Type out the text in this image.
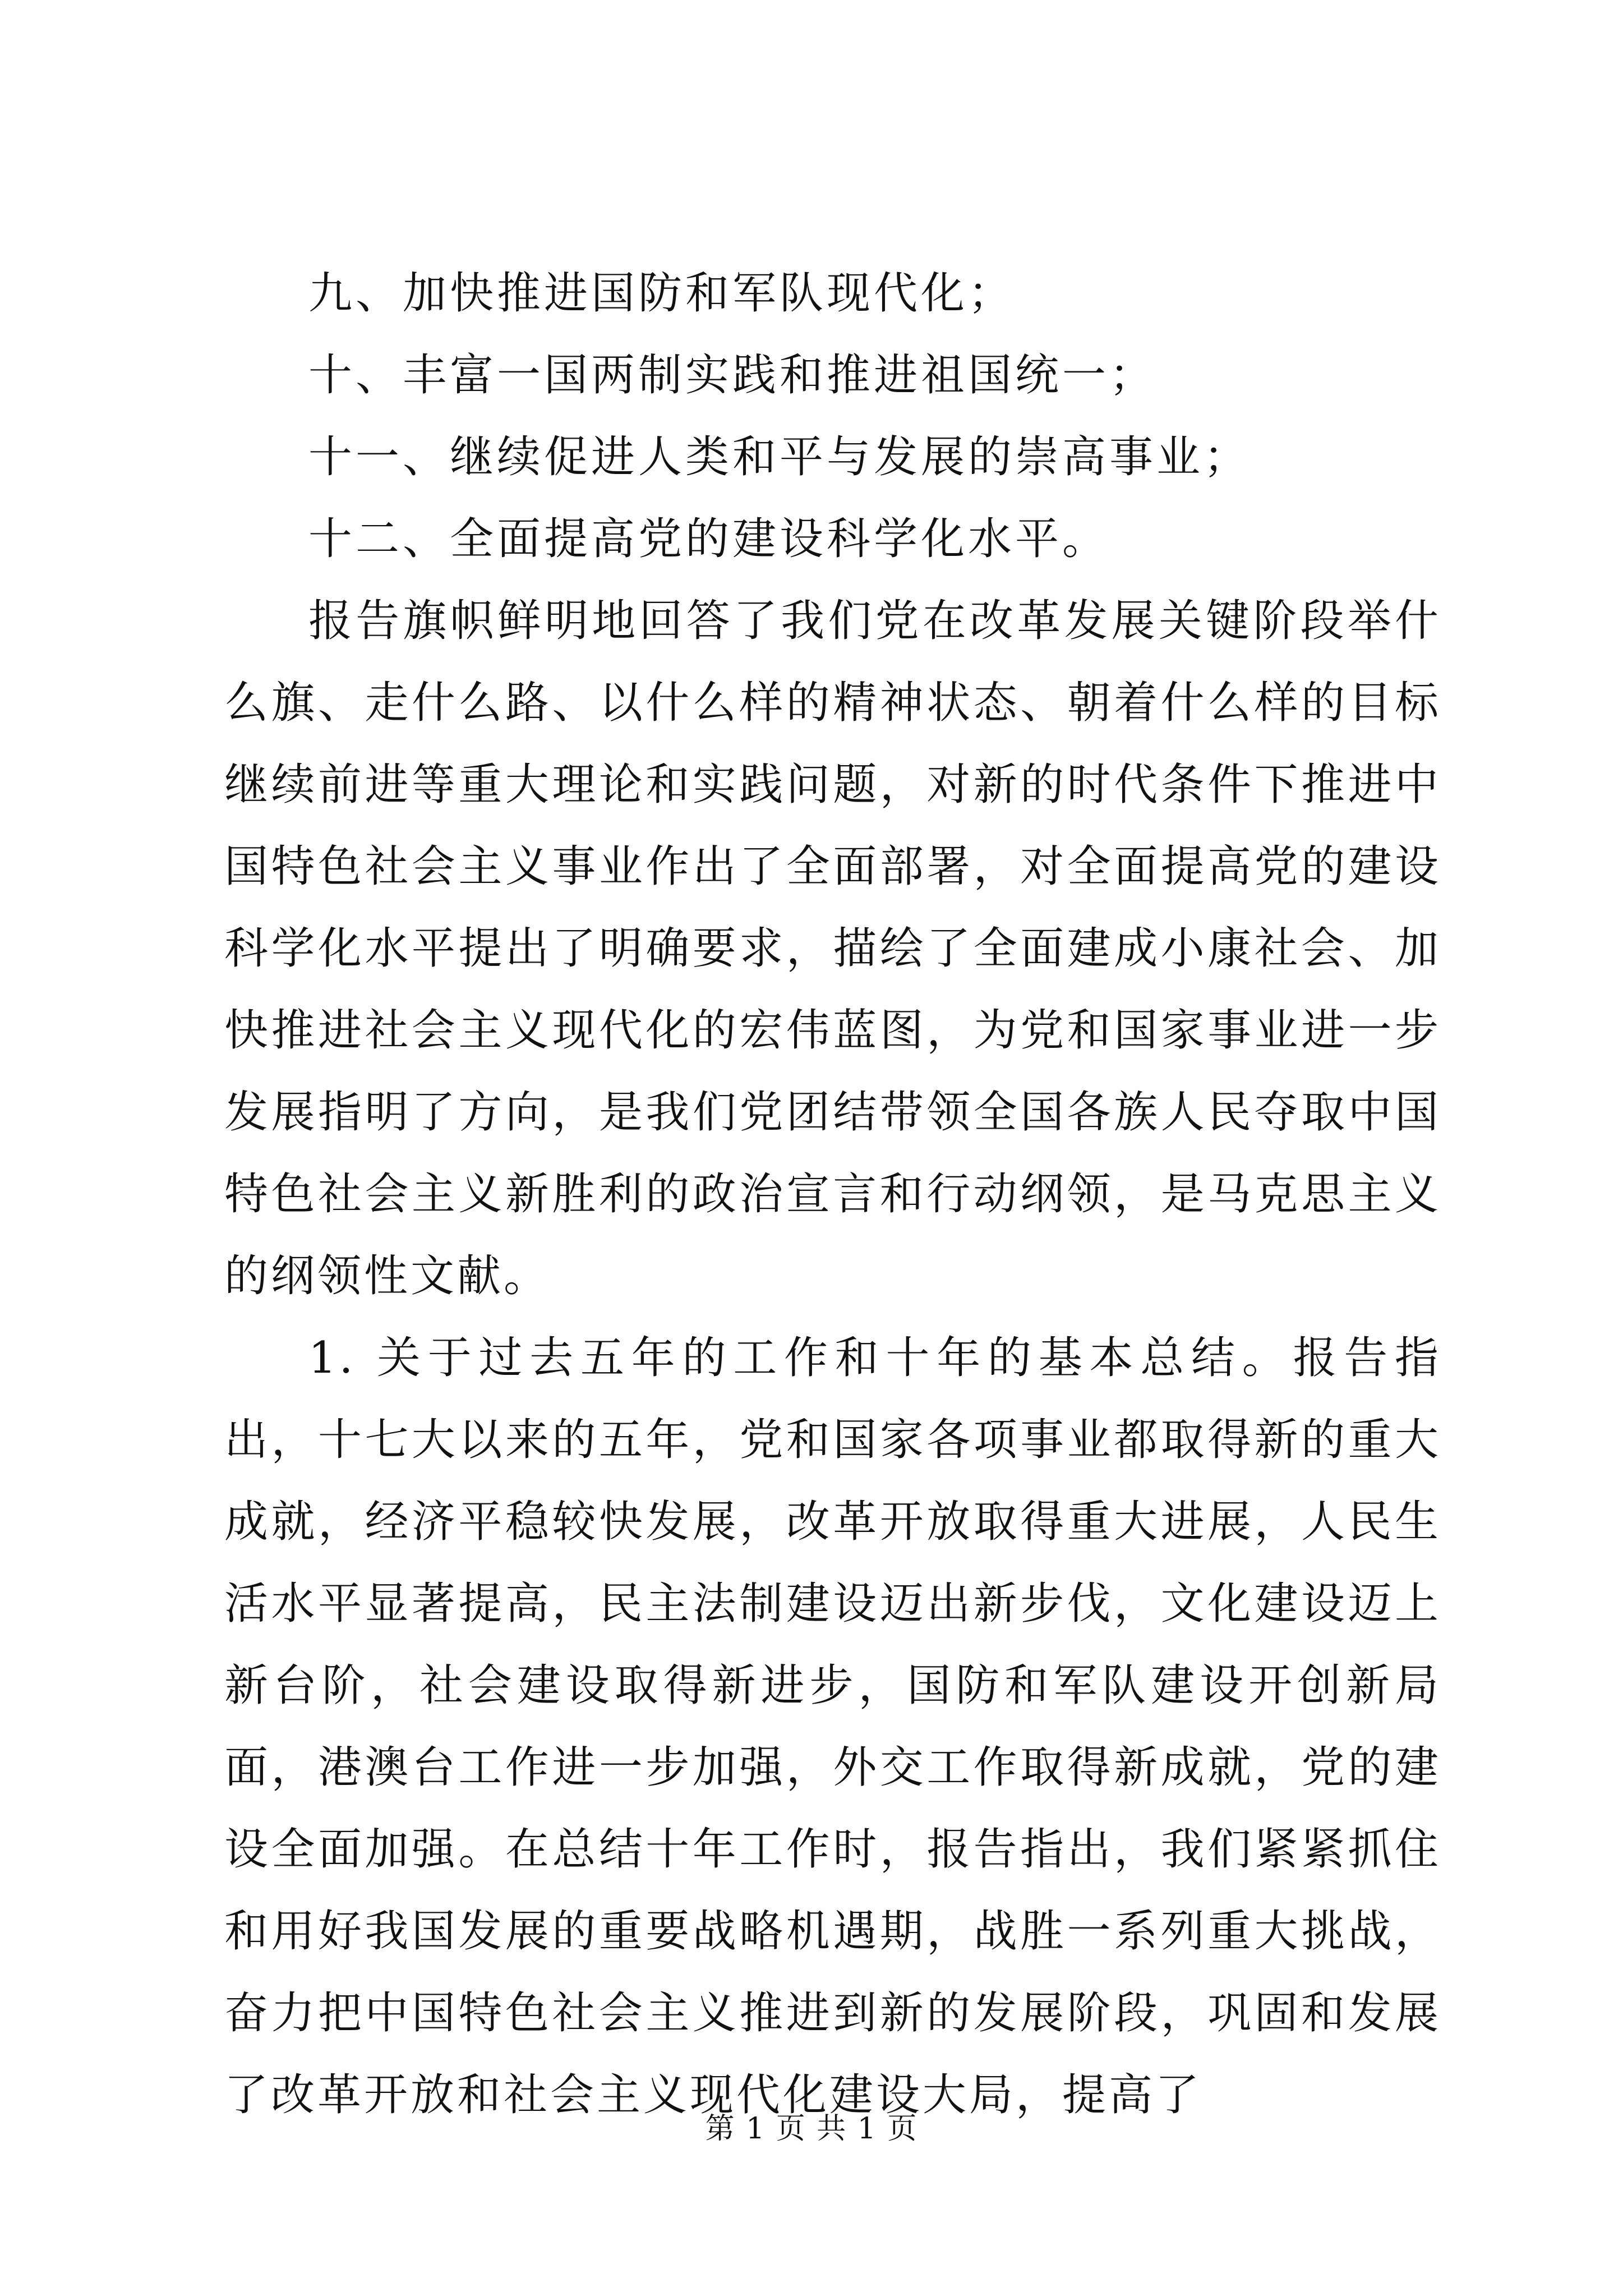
九、加快推进国防和军队现代化；

十、丰富一国两制实践和推进祖国统一；

十一、继续促进人类和平与发展的崇高事业；

十二、全面提高党的建设科学化水平。

报告旗帜鲜明地回答了我们党在改革发展关键阶段举什么旗、走什么路、以什么样的精神状态、朝着什么样的目标继续前进等重大理论和实践问题，对新的时代条件下推进中国特色社会主义事业作出了全面部署，对全面提高党的建设科学化水平提出了明确要求，描绘了全面建成小康社会、加快推进社会主义现代化的宏伟蓝图，为党和国家事业进一步发展指明了方向，是我们党团结带领全国各族人民夺取中国特色社会主义新胜利的政治宣言和行动纲领，是马克思主义的纲领性文献。

1. 关于过去五年的工作和十年的基本总结。报告指出，十七大以来的五年，党和国家各项事业都取得新的重大成就，经济平稳较快发展，改革开放取得重大进展，人民生活水平显著提高，民主法制建设迈出新步伐，文化建设迈上新台阶，社会建设取得新进步，国防和军队建设开创新局面，港澳台工作进一步加强，外交工作取得新成就，党的建设全面加强。在总结十年工作时，报告指出，我们紧紧抓住和用好我国发展的重要战略机遇期，战胜一系列重大挑战，奋力把中国特色社会主义推进到新的发展阶段，巩固和发展了改革开放和社会主义现代化建设大局，提高了

第 1 页 共 1 页
